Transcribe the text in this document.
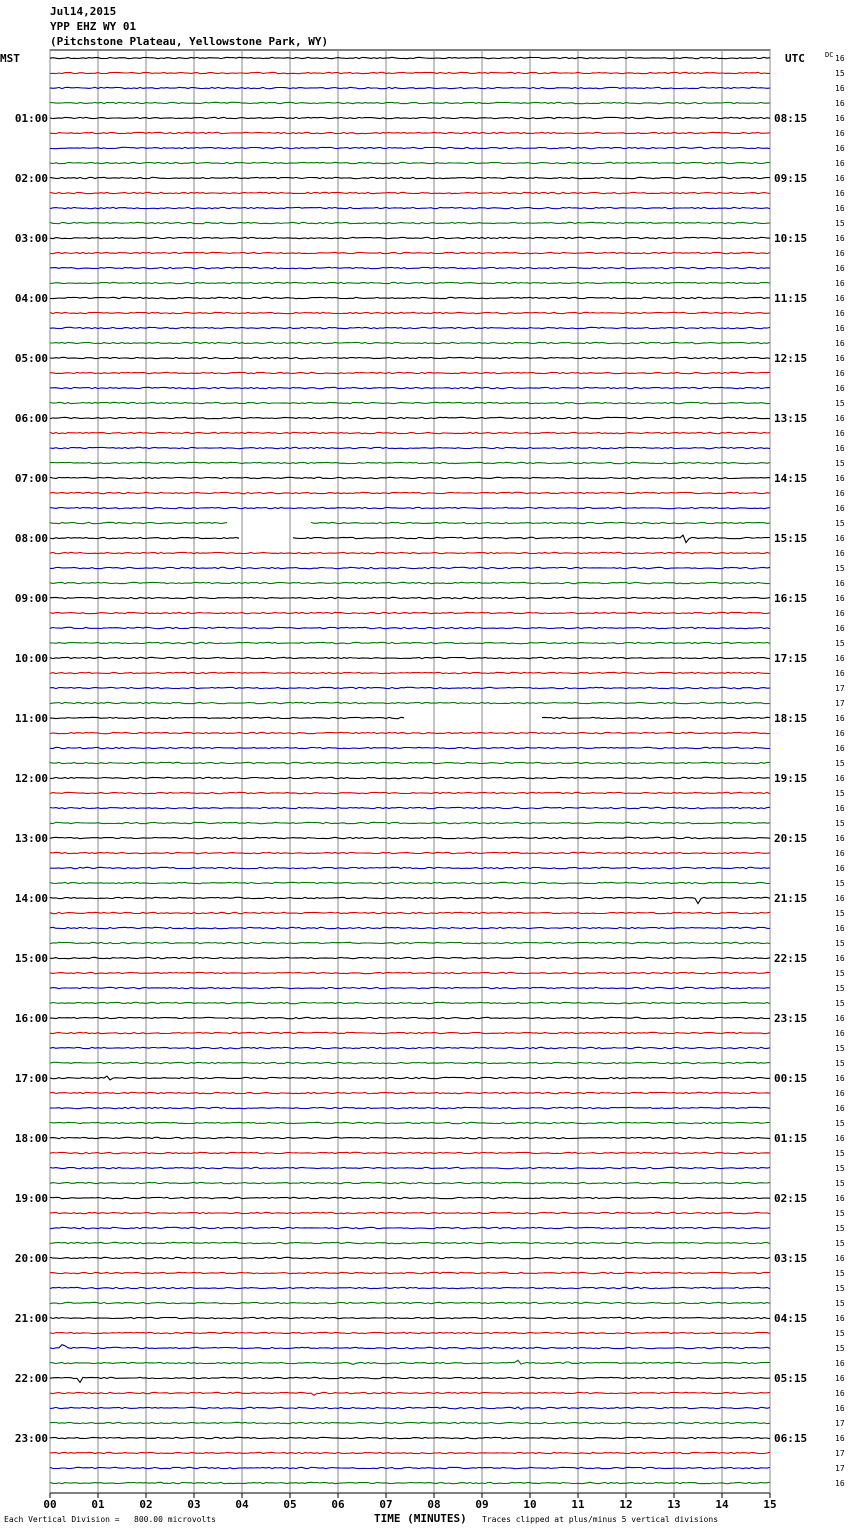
Jul14,2015
YPP EHZ WY 01
(Pitchstone Plateau, Yellowstone Park, WY)
00	01	02	03	04	05	06	07	08	09	10	11	12	13	14	15
16
15
16
16
16
16
16
16
16
16
16
15
16
16
16
16
16
16
16
16
16
16
16
15
16
16
16
15
16
16
16
15
16
16
15
16
16
16
16
15
16
16
17
17
16
16
16
15
16
15
16
15
16
16
16
15
16
15
16
15
16
15
15
15
16
16
15
15
16
16
16
15
16
15
15
15
16
15
15
15
16
15
15
15
16
15
15
16
16
16
16
17
16
17
17
16
01:00	08:15
02:00	09:15
03:00	10:15
04:00	11:15
05:00	12:15
06:00	13:15
07:00	14:15
08:00	15:15
09:00	16:15
10:00	17:15
11:00	18:15
12:00	19:15
13:00	20:15
14:00	21:15
15:00	22:15
16:00	23:15
17:00	00:15
18:00	01:15
19:00	02:15
20:00	03:15
21:00	04:15
22:00	05:15
23:00	06:15
MST	UTC	DC
Each Vertical Division =   800.00 microvolts	TIME (MINUTES) Traces clipped at plus/minus 5 vertical divisions
